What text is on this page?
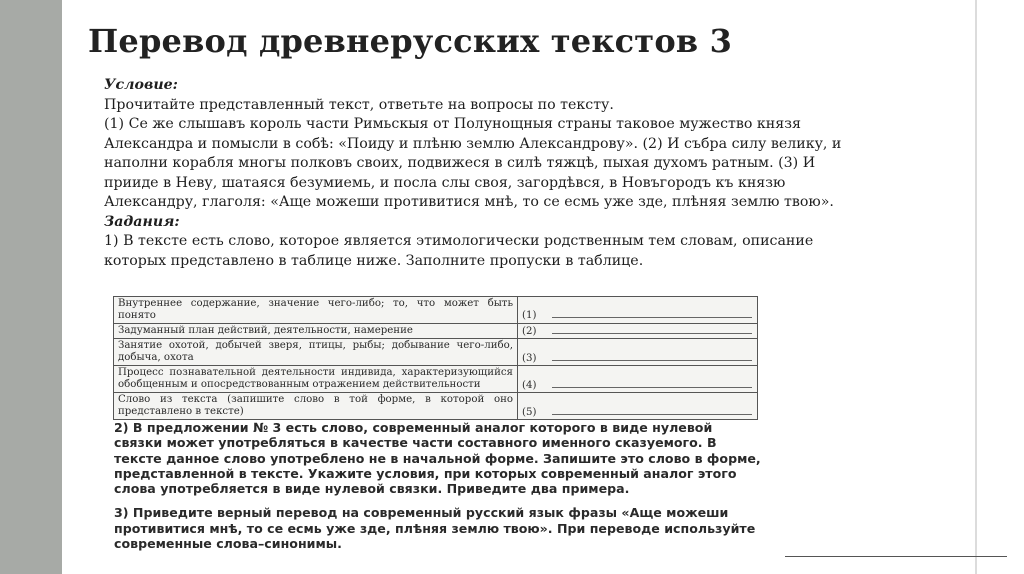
Перевод древнерусских текстов 3

Условие:

Прочитайте представленный текст, ответьте на вопросы по тексту.

(1) Се же слышавъ король части Римьскыя от Полунощныя страны таковое мужество князя Александра и помысли в собѣ: «Поиду и плѣню землю Александрову». (2) И събра силу велику, и наполни корабля многы полковъ своих, подвижеся в силѣ тяжцѣ, пыхая духомъ ратным. (3) И прииде в Неву, шатаяся безумиемь, и посла слы своя, загордѣвся, в Новъгородъ къ князю Александру, глаголя: «Аще можеши противитися мнѣ, то се есмь уже зде, плѣняя землю твою».

Задания:

1) В тексте есть слово, которое является этимологически родственным тем словам, описание которых представлено в таблице ниже. Заполните пропуски в таблице.

Внутреннее содержание, значение чего-либо; то, что может быть понято	(1)
Задуманный план действий, деятельности, намерение	(2)
Занятие охотой, добычей зверя, птицы, рыбы; добывание чего-либо, добыча, охота	(3)
Процесс познавательной деятельности индивида, характеризующийся обобщенным и опосредствованным отражением действительности	(4)
Слово из текста (запишите слово в той форме, в которой оно представлено в тексте)	(5)

2) В предложении № 3 есть слово, современный аналог которого в виде нулевой связки может употребляться в качестве части составного именного сказуемого. В тексте данное слово употреблено не в начальной форме. Запишите это слово в форме, представленной в тексте. Укажите условия, при которых современный аналог этого слова употребляется в виде нулевой связки. Приведите два примера.

3) Приведите верный перевод на современный русский язык фразы «Аще можеши противитися мнѣ, то се есмь уже зде, плѣняя землю твою». При переводе используйте современные слова–синонимы.
